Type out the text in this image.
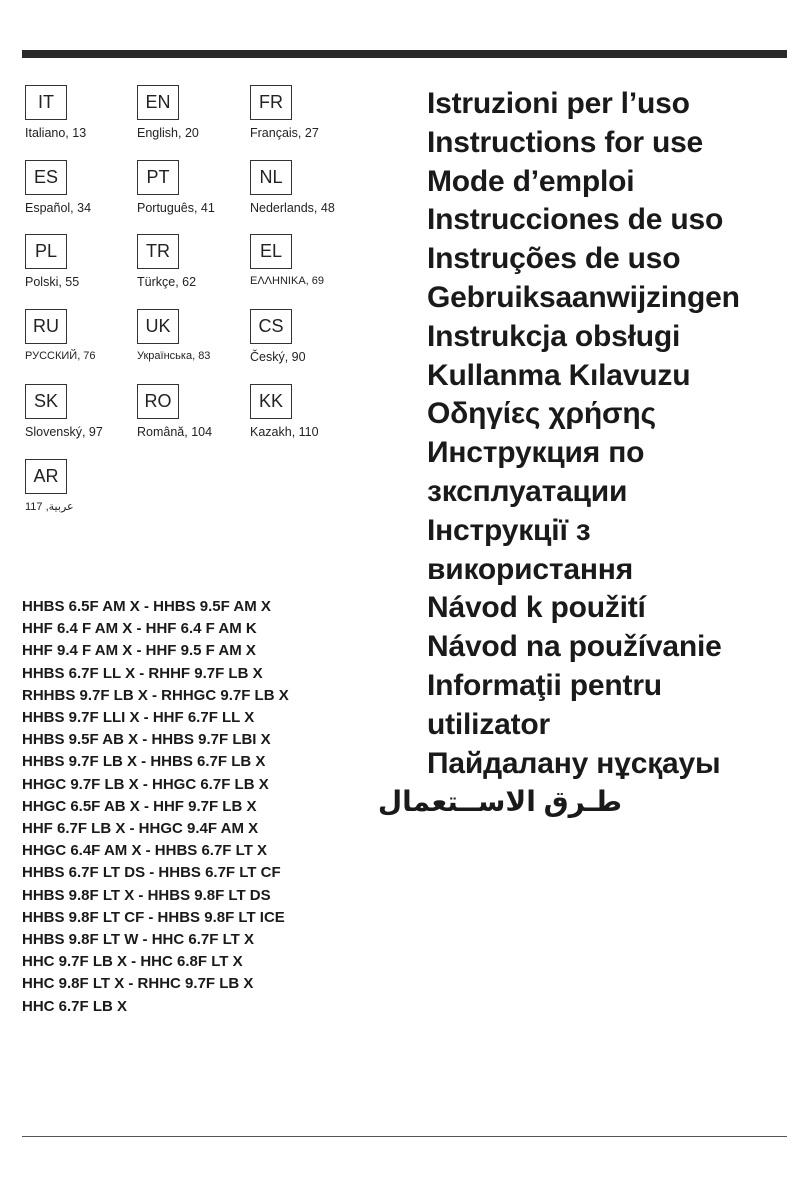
IT
Italiano, 13
EN
English, 20
FR
Français, 27
ES
Español, 34
PT
Português, 41
NL
Nederlands, 48
PL
Polski, 55
TR
Türkçe, 62
EL
ΕΛΛΗΝΙΚΑ, 69
RU
РУССКИЙ, 76
UK
Українська, 83
CS
Český, 90
SK
Slovenský, 97
RO
Română, 104
KK
Kazakh, 110
AR
عربية, 117
HHBS 6.5F AM X - HHBS 9.5F AM X
HHF 6.4 F AM X - HHF 6.4 F AM K
HHF 9.4 F AM X - HHF 9.5 F AM X
HHBS 6.7F LL X - RHHF 9.7F LB X
RHHBS 9.7F LB X - RHHGC 9.7F LB X
HHBS 9.7F LLI X - HHF 6.7F LL X
HHBS 9.5F AB X - HHBS 9.7F LBI X
HHBS 9.7F LB X - HHBS 6.7F LB X
HHGC 9.7F LB X - HHGC 6.7F LB X
HHGC 6.5F AB X - HHF 9.7F LB X
HHF 6.7F LB X - HHGC 9.4F AM X
HHGC 6.4F AM X - HHBS 6.7F LT X
HHBS 6.7F LT DS - HHBS 6.7F LT CF
HHBS 9.8F LT X - HHBS 9.8F LT DS
HHBS 9.8F LT CF - HHBS 9.8F LT ICE
HHBS 9.8F LT W - HHC 6.7F LT X
HHC 9.7F LB X - HHC 6.8F LT X
HHC 9.8F LT X - RHHC 9.7F LB X
HHC 6.7F LB X
Istruzioni per l’uso
Instructions for use
Mode d’emploi
Instrucciones de uso
Instruções de uso
Gebruiksaanwijzingen
Instrukcja obsługi
Kullanma Kılavuzu
Οδηγίες χρήσης
Инструкция по
зксплуатации
Інструкції з
використання
Návod k použití
Návod na používanie
Informaţii pentru
utilizator
Пайдалану нұсқауы
طـرق الاســتعمال
